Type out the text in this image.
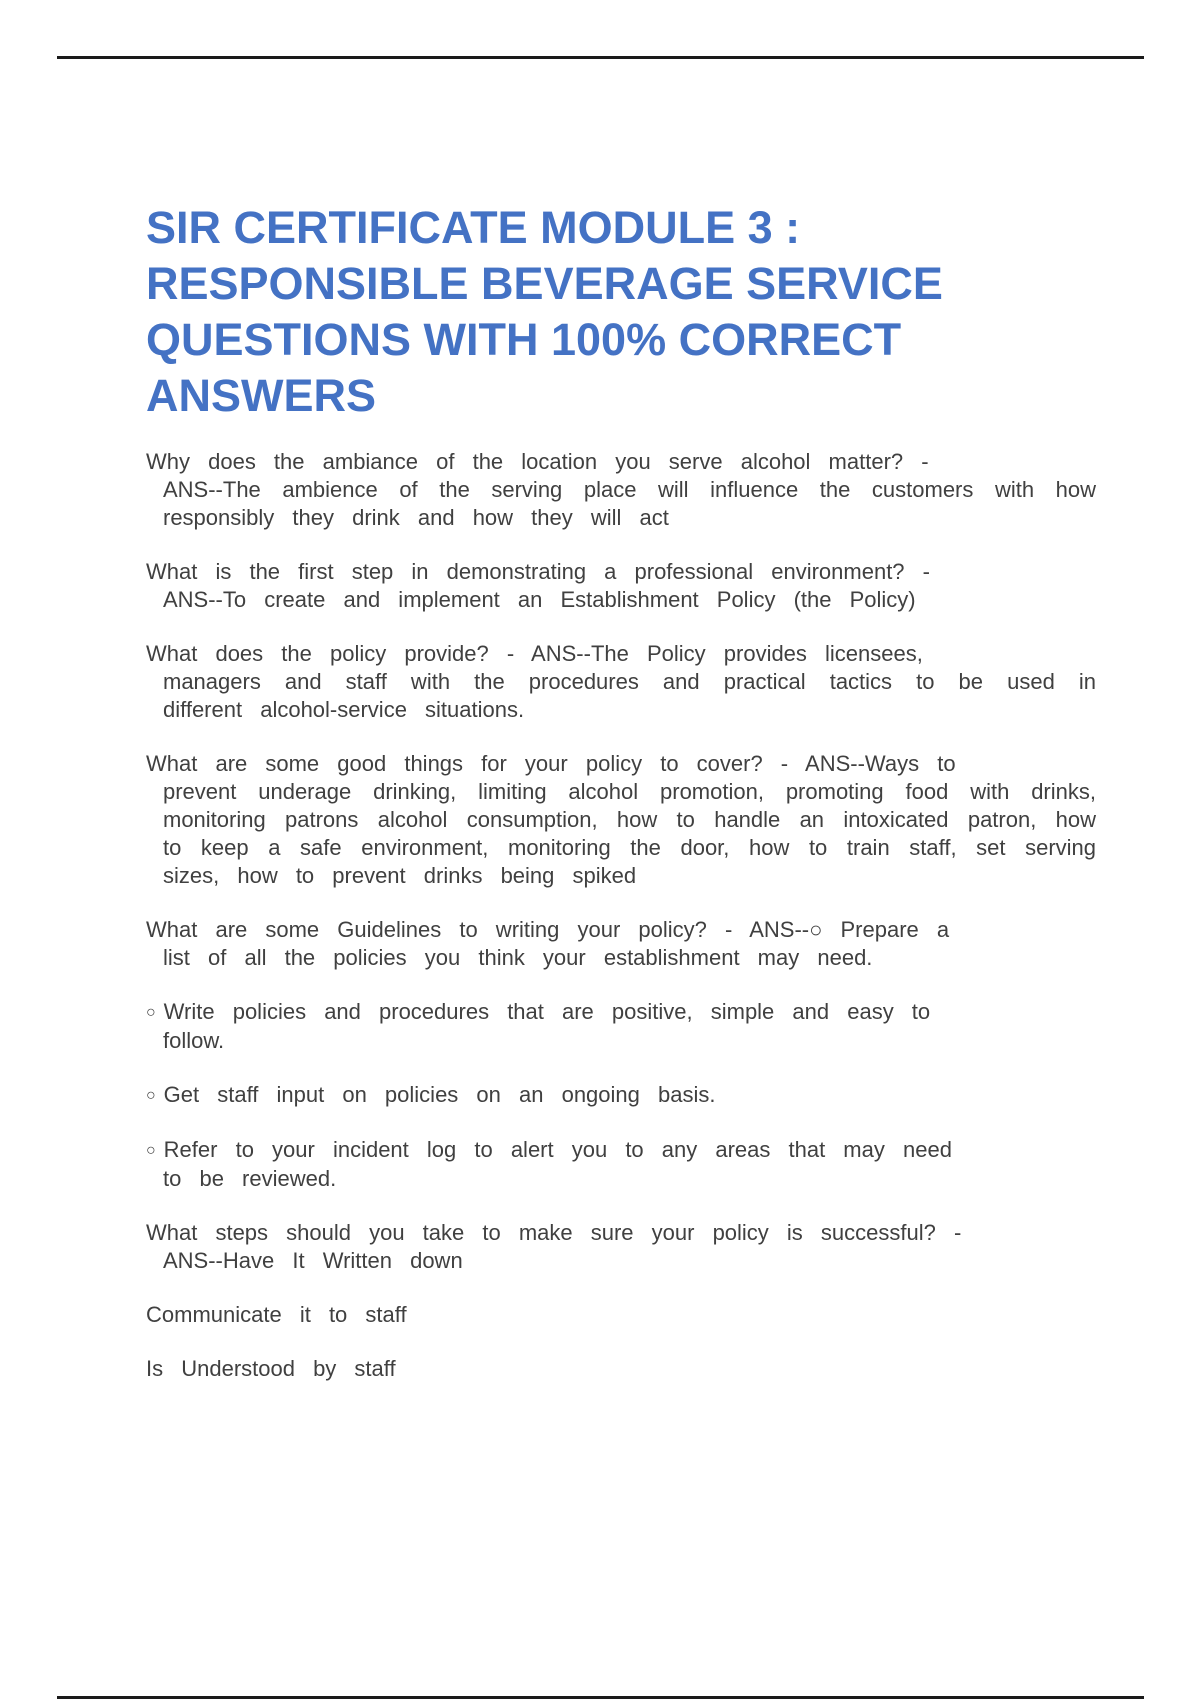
SIR CERTIFICATE MODULE 3 : RESPONSIBLE BEVERAGE SERVICE QUESTIONS WITH 100% CORRECT ANSWERS

Why does the ambiance of the location you serve alcohol matter? -
ANS--The ambience of the serving place will influence the customers with how responsibly they drink and how they will act

What is the first step in demonstrating a professional environment? -
ANS--To create and implement an Establishment Policy (the Policy)

What does the policy provide? - ANS--The Policy provides licensees,
managers and staff with the procedures and practical tactics to be used in different alcohol-service situations.

What are some good things for your policy to cover? - ANS--Ways to
prevent underage drinking, limiting alcohol promotion, promoting food with drinks, monitoring patrons alcohol consumption, how to handle an intoxicated patron, how to keep a safe environment, monitoring the door, how to train staff, set serving sizes, how to prevent drinks being spiked

What are some Guidelines to writing your policy? - ANS--○ Prepare a
list of all the policies you think your establishment may need.

○ Write policies and procedures that are positive, simple and easy to
follow.

○ Get staff input on policies on an ongoing basis.

○ Refer to your incident log to alert you to any areas that may need
to be reviewed.

What steps should you take to make sure your policy is successful? -
ANS--Have It Written down

Communicate it to staff

Is Understood by staff
